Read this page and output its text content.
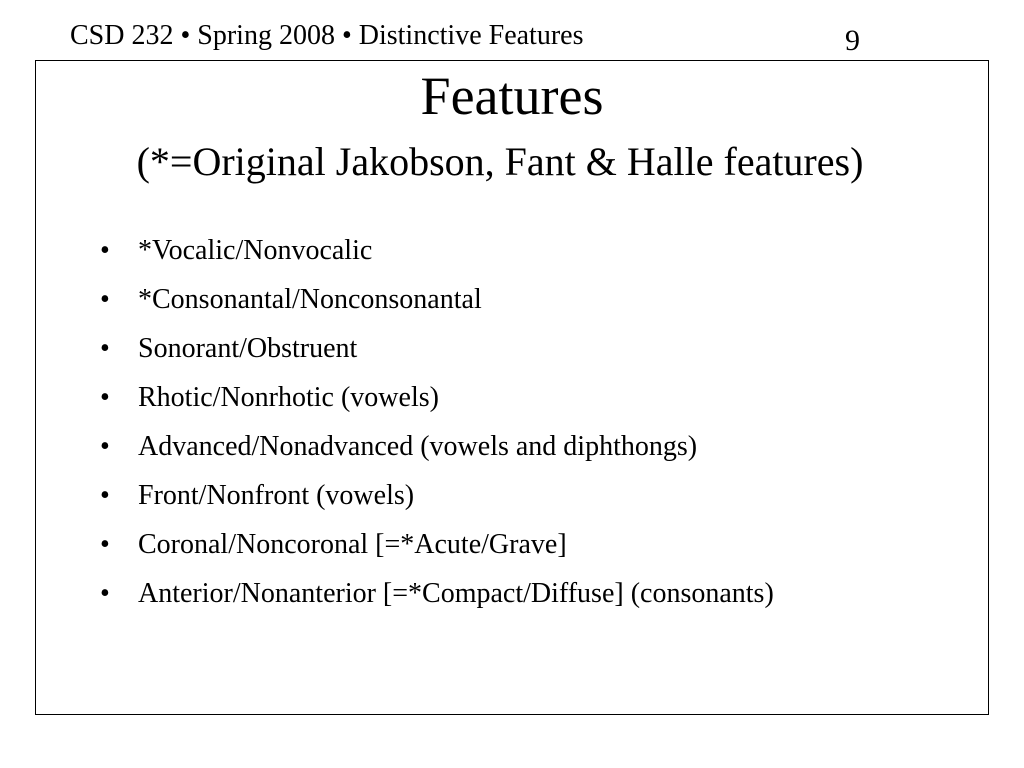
CSD 232 • Spring 2008 • Distinctive Features	9
Features
(*=Original Jakobson, Fant & Halle features)
• *Vocalic/Nonvocalic
• *Consonantal/Nonconsonantal
• Sonorant/Obstruent
• Rhotic/Nonrhotic (vowels)
• Advanced/Nonadvanced (vowels and diphthongs)
• Front/Nonfront (vowels)
• Coronal/Noncoronal [=*Acute/Grave]
• Anterior/Nonanterior [=*Compact/Diffuse] (consonants)
